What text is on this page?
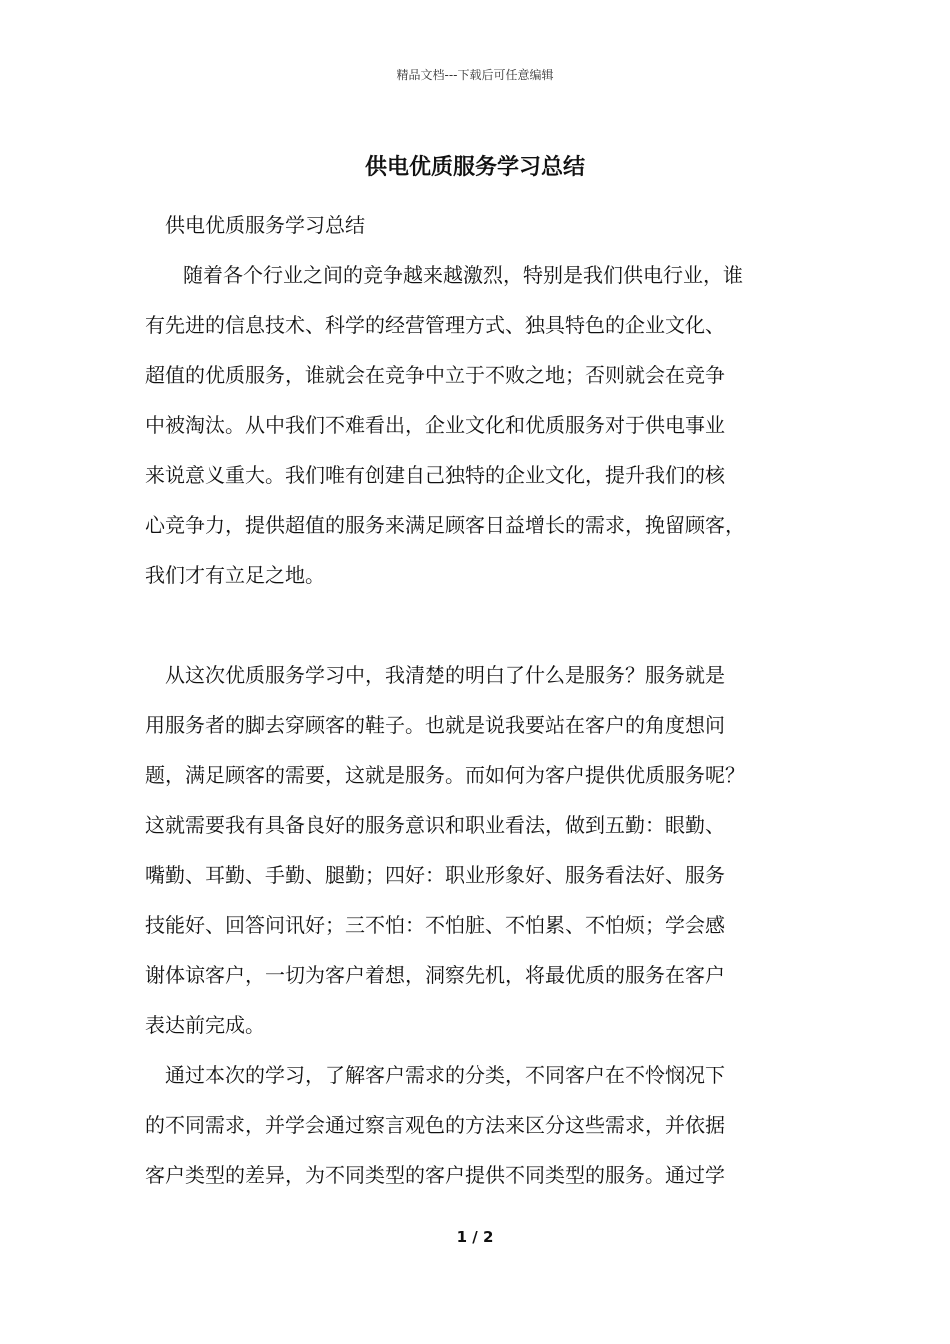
精品文档---下载后可任意编辑
供电优质服务学习总结

供电优质服务学习总结

随着各个行业之间的竞争越来越激烈，特别是我们供电行业，谁
有先进的信息技术、科学的经营管理方式、独具特色的企业文化、
超值的优质服务，谁就会在竞争中立于不败之地；否则就会在竞争
中被淘汰。从中我们不难看出，企业文化和优质服务对于供电事业
来说意义重大。我们唯有创建自己独特的企业文化，提升我们的核
心竞争力，提供超值的服务来满足顾客日益增长的需求，挽留顾客，
我们才有立足之地。
从这次优质服务学习中，我清楚的明白了什么是服务？服务就是
用服务者的脚去穿顾客的鞋子。也就是说我要站在客户的角度想问
题，满足顾客的需要，这就是服务。而如何为客户提供优质服务呢？
这就需要我有具备良好的服务意识和职业看法，做到五勤：眼勤、
嘴勤、耳勤、手勤、腿勤；四好：职业形象好、服务看法好、服务
技能好、回答问讯好；三不怕：不怕脏、不怕累、不怕烦；学会感
谢体谅客户，一切为客户着想，洞察先机，将最优质的服务在客户
表达前完成。
通过本次的学习，了解客户需求的分类，不同客户在不怜悯况下
的不同需求，并学会通过察言观色的方法来区分这些需求，并依据
客户类型的差异，为不同类型的客户提供不同类型的服务。通过学
1 / 2
